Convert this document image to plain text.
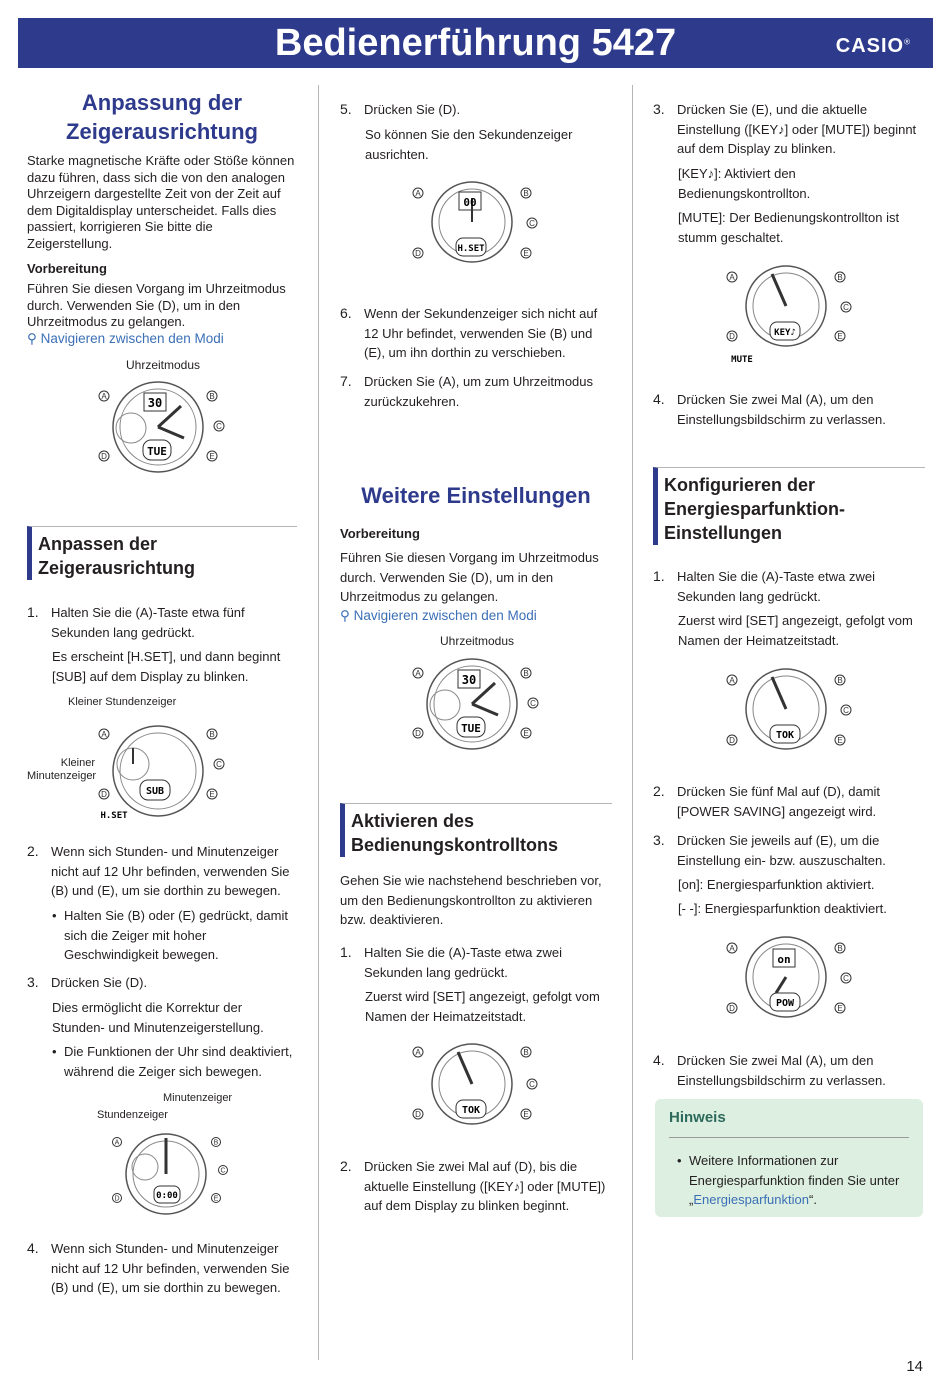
Bedienerführung 5427	CASIO®
Anpassung der
Zeigerausrichtung

Starke magnetische Kräfte oder Stöße können dazu führen, dass sich die von den analogen Uhrzeigern dargestellte Zeit von der Zeit auf dem Digitaldisplay unterscheidet. Falls dies passiert, korrigieren Sie bitte die Zeigerstellung.

Vorbereitung

Führen Sie diesen Vorgang im Uhrzeitmodus durch. Verwenden Sie (D), um in den Uhrzeitmodus zu gelangen.

⚲ Navigieren zwischen den Modi
Uhrzeitmodus
Anpassen der
Zeigerausrichtung
1. Halten Sie die (A)-Taste etwa fünf Sekunden lang gedrückt.
Es erscheint [H.SET], und dann beginnt [SUB] auf dem Display zu blinken.
Kleiner Stundenzeiger
Kleiner
Minutenzeiger
2. Wenn sich Stunden- und Minutenzeiger nicht auf 12 Uhr befinden, verwenden Sie (B) und (E), um sie dorthin zu bewegen.
• Halten Sie (B) oder (E) gedrückt, damit sich die Zeiger mit hoher Geschwindigkeit bewegen.
3. Drücken Sie (D).
Dies ermöglicht die Korrektur der Stunden- und Minutenzeigerstellung.
• Die Funktionen der Uhr sind deaktiviert, während die Zeiger sich bewegen.
Minutenzeiger
Stundenzeiger
4. Wenn sich Stunden- und Minutenzeiger nicht auf 12 Uhr befinden, verwenden Sie (B) und (E), um sie dorthin zu bewegen.
5. Drücken Sie (D).
So können Sie den Sekundenzeiger ausrichten.
6. Wenn der Sekundenzeiger sich nicht auf 12 Uhr befindet, verwenden Sie (B) und (E), um ihn dorthin zu verschieben.
7. Drücken Sie (A), um zum Uhrzeitmodus zurückzukehren.
Weitere Einstellungen
Vorbereitung

Führen Sie diesen Vorgang im Uhrzeitmodus durch. Verwenden Sie (D), um in den Uhrzeitmodus zu gelangen.

⚲ Navigieren zwischen den Modi
Uhrzeitmodus
Aktivieren des
Bedienungskontrolltons

Gehen Sie wie nachstehend beschrieben vor, um den Bedienungskontrollton zu aktivieren bzw. deaktivieren.

1. Halten Sie die (A)-Taste etwa zwei Sekunden lang gedrückt.
Zuerst wird [SET] angezeigt, gefolgt vom Namen der Heimatzeitstadt.
2. Drücken Sie zwei Mal auf (D), bis die aktuelle Einstellung ([KEY♪] oder [MUTE]) auf dem Display zu blinken beginnt.
3. Drücken Sie (E), und die aktuelle Einstellung ([KEY♪] oder [MUTE]) beginnt auf dem Display zu blinken.
[KEY♪]: Aktiviert den Bedienungskontrollton.
[MUTE]: Der Bedienungskontrollton ist stumm geschaltet.
4. Drücken Sie zwei Mal (A), um den Einstellungsbildschirm zu verlassen.
Konfigurieren der
Energiesparfunktion-
Einstellungen
1. Halten Sie die (A)-Taste etwa zwei Sekunden lang gedrückt.
Zuerst wird [SET] angezeigt, gefolgt vom Namen der Heimatzeitstadt.
2. Drücken Sie fünf Mal auf (D), damit [POWER SAVING] angezeigt wird.
3. Drücken Sie jeweils auf (E), um die Einstellung ein- bzw. auszuschalten.
[on]: Energiesparfunktion aktiviert.
[- -]: Energiesparfunktion deaktiviert.
4. Drücken Sie zwei Mal (A), um den Einstellungsbildschirm zu verlassen.
Hinweis
• Weitere Informationen zur Energiesparfunktion finden Sie unter „Energiesparfunktion“.
14
30
TUE
A	B
C
D	E
SUB
H.SET
A	B
C
D	E
0:00
A	B
C
D	E
00
H.SET
A	B
C
D	E
30
TUE
A	B
C
D	E
TOK
A	B
C
D	E
KEY♪
MUTE
A	B
C
D	E
TOK
A	B
C
D	E
on
POW
A	B
C
D	E
